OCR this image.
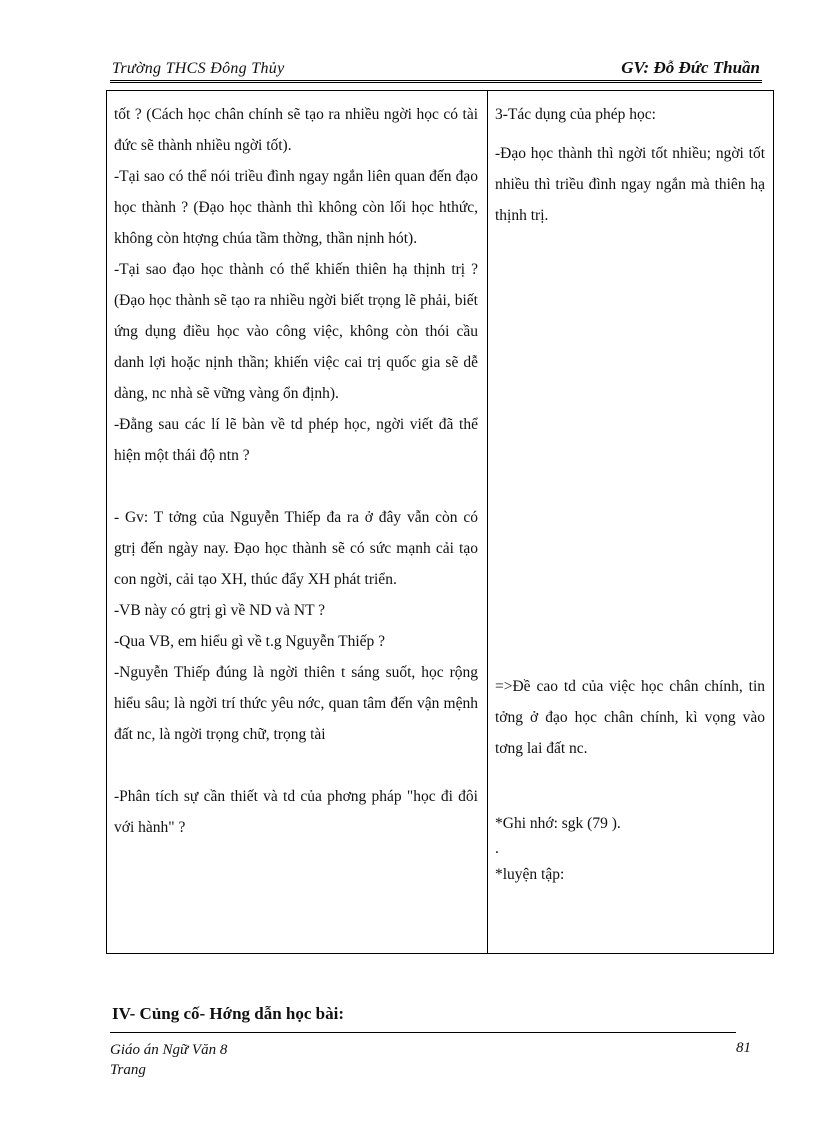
Trường THCS Đông Thủy	GV: Đỗ Đức Thuần

tốt ? (Cách học chân chính sẽ tạo ra nhiều ngời học có tài đức sẽ thành nhiều ngời tốt).

-Tại sao có thể nói triều đình ngay ngắn liên quan đến đạo học thành ? (Đạo học thành thì không còn lối học hthức, không còn htợng chúa tầm thờng, thần nịnh hót).

-Tại sao đạo học thành có thể khiến thiên hạ thịnh trị ? (Đạo học thành sẽ tạo ra nhiều ngời biết trọng lẽ phải, biết ứng dụng điều học vào công việc, không còn thói cầu danh lợi hoặc nịnh thần; khiến việc cai trị quốc gia sẽ dễ dàng, nc nhà sẽ vững vàng ổn định).

-Đằng sau các lí lẽ bàn về td phép học, ngời viết đã thể hiện một thái độ ntn ?

- Gv: T tởng của Nguyễn Thiếp đa ra ở đây vẫn còn có gtrị đến ngày nay. Đạo học thành sẽ có sức mạnh cải tạo con ngời, cải tạo XH, thúc đẩy XH phát triển.

-VB này có gtrị gì về ND và NT ?

-Qua VB, em hiểu gì về t.g Nguyễn Thiếp ?

-Nguyễn Thiếp đúng là ngời thiên t sáng suốt, học rộng hiểu sâu; là ngời trí thức yêu nớc, quan tâm đến vận mệnh đất nc, là ngời trọng chữ, trọng tài

-Phân tích sự cần thiết và td của phơng pháp "học đi đôi với hành" ?

3-Tác dụng của phép học:

-Đạo học thành thì ngời tốt nhiều; ngời tốt nhiều thì triều đình ngay ngắn mà thiên hạ thịnh trị.

=>Đề cao td của việc học chân chính, tin tởng ở đạo học chân chính, kì vọng vào tơng lai đất nc.

*Ghi nhớ: sgk (79 ).

.

*luyện tập:

IV- Củng cố- Hớng dẫn học bài:
Giáo án Ngữ Văn 8
Trang
81
